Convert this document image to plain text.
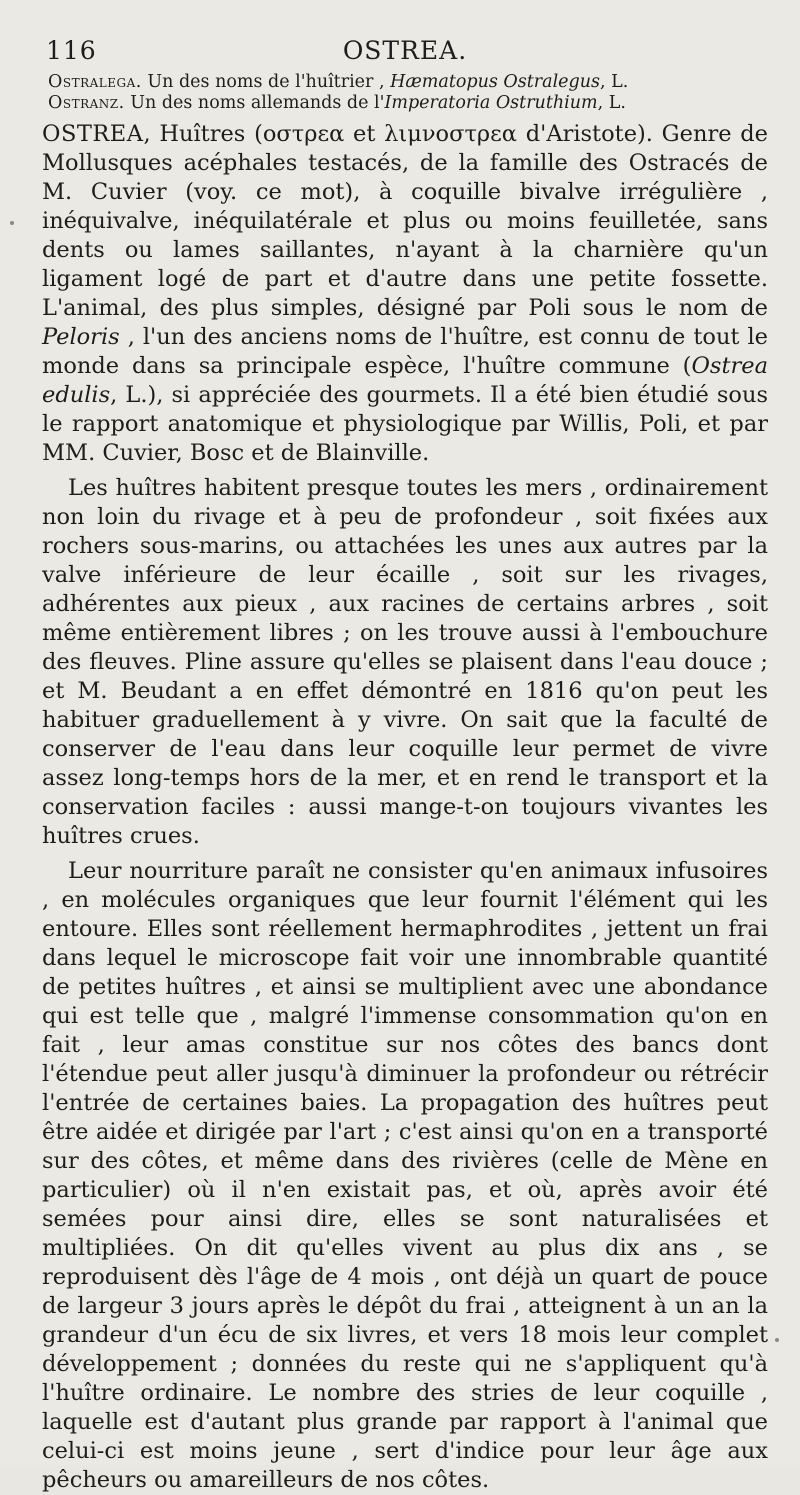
116	OSTREA.
Ostralega. Un des noms de l'huîtrier , Hæmatopus Ostralegus, L.
Ostranz. Un des noms allemands de l'Imperatoria Ostruthium, L.

OSTREA, Huîtres (οστρεα et λιμνοστρεα d'Aristote). Genre de Mollusques acéphales testacés, de la famille des Ostracés de M. Cuvier (voy. ce mot), à coquille bivalve irrégulière , inéquivalve, inéquilatérale et plus ou moins feuilletée, sans dents ou lames saillantes, n'ayant à la charnière qu'un ligament logé de part et d'autre dans une petite fossette. L'animal, des plus simples, désigné par Poli sous le nom de Peloris , l'un des anciens noms de l'huître, est connu de tout le monde dans sa principale espèce, l'huître commune (Ostrea edulis, L.), si appréciée des gourmets. Il a été bien étudié sous le rapport anatomique et physiologique par Willis, Poli, et par MM. Cuvier, Bosc et de Blainville.

Les huîtres habitent presque toutes les mers , ordinairement non loin du rivage et à peu de profondeur , soit fixées aux rochers sous-marins, ou attachées les unes aux autres par la valve inférieure de leur écaille , soit sur les rivages, adhérentes aux pieux , aux racines de certains arbres , soit même entièrement libres ; on les trouve aussi à l'embouchure des fleuves. Pline assure qu'elles se plaisent dans l'eau douce ; et M. Beudant a en effet démontré en 1816 qu'on peut les habituer graduellement à y vivre. On sait que la faculté de conserver de l'eau dans leur coquille leur permet de vivre assez long-temps hors de la mer, et en rend le transport et la conservation faciles : aussi mange-t-on toujours vivantes les huîtres crues.

Leur nourriture paraît ne consister qu'en animaux infusoires , en molécules organiques que leur fournit l'élément qui les entoure. Elles sont réellement hermaphrodites , jettent un frai dans lequel le microscope fait voir une innombrable quantité de petites huîtres , et ainsi se multiplient avec une abondance qui est telle que , malgré l'immense consommation qu'on en fait , leur amas constitue sur nos côtes des bancs dont l'étendue peut aller jusqu'à diminuer la profondeur ou rétrécir l'entrée de certaines baies. La propagation des huîtres peut être aidée et dirigée par l'art ; c'est ainsi qu'on en a transporté sur des côtes, et même dans des rivières (celle de Mène en particulier) où il n'en existait pas, et où, après avoir été semées pour ainsi dire, elles se sont naturalisées et multipliées. On dit qu'elles vivent au plus dix ans , se reproduisent dès l'âge de 4 mois , ont déjà un quart de pouce de largeur 3 jours après le dépôt du frai , atteignent à un an la grandeur d'un écu de six livres, et vers 18 mois leur complet développement ; données du reste qui ne s'appliquent qu'à l'huître ordinaire. Le nombre des stries de leur coquille , laquelle est d'autant plus grande par rapport à l'animal que celui-ci est moins jeune , sert d'indice pour leur âge aux pêcheurs ou amareilleurs de nos côtes.
